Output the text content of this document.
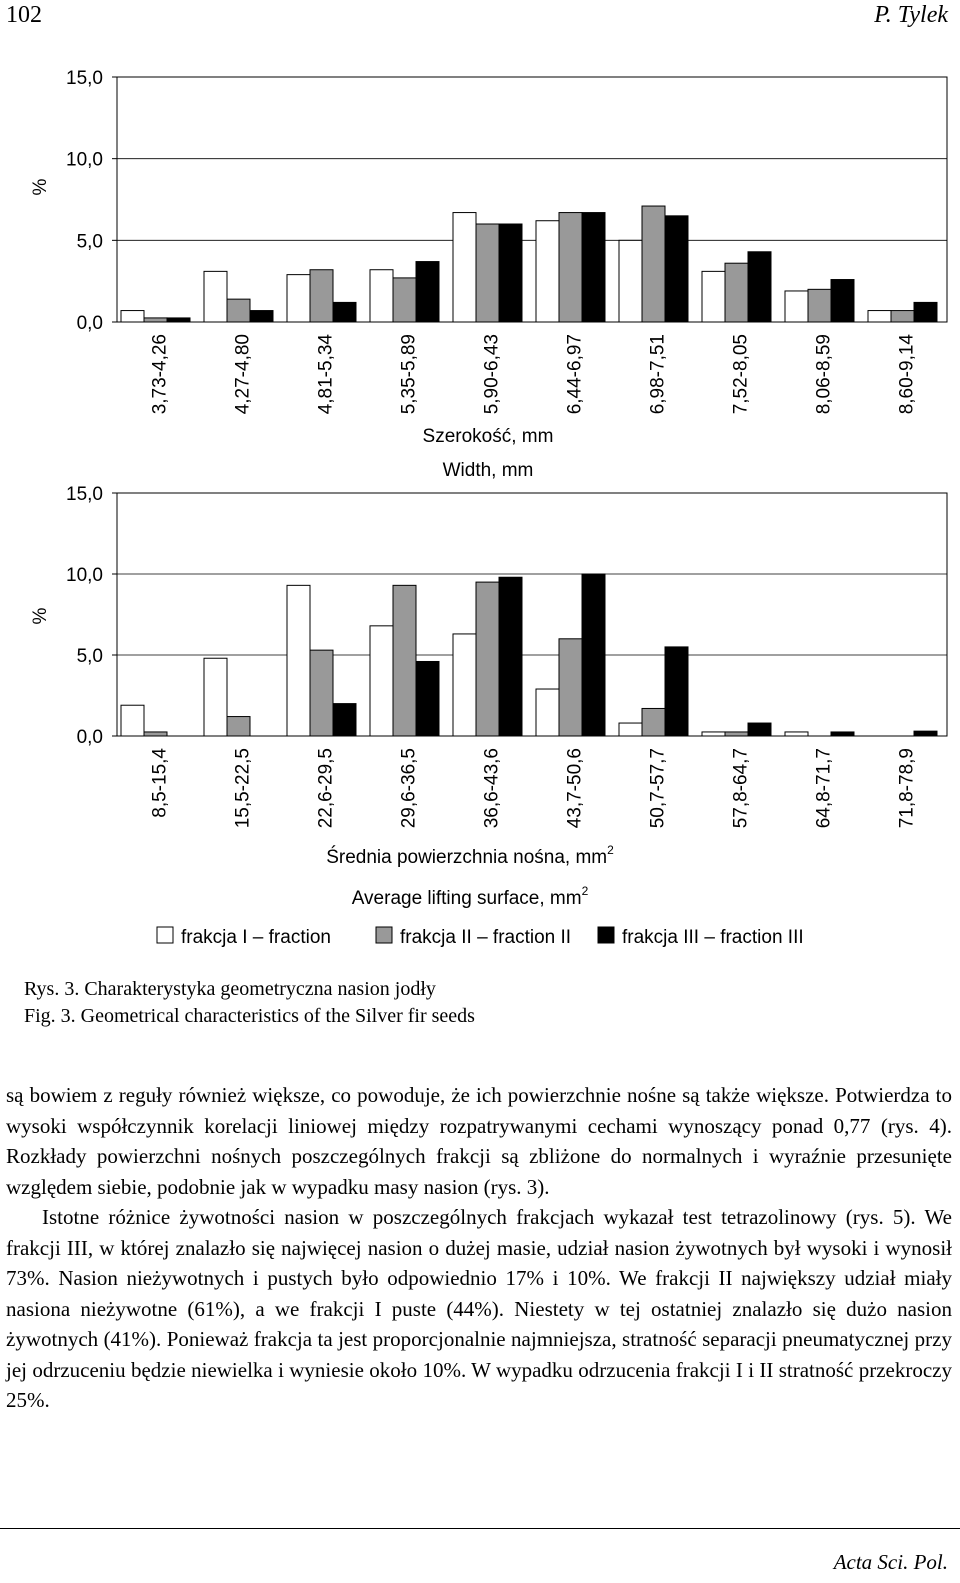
102	P. Tylek
0,0
5,0
10,0
15,0
%
3,73-4,26	4,27-4,80	4,81-5,34	5,35-5,89	5,90-6,43	6,44-6,97	6,98-7,51	7,52-8,05	8,06-8,59	8,60-9,14
Szerokość, mm
Width, mm
0,0
5,0
10,0
15,0
%
8,5-15,4	15,5-22,5	22,6-29,5	29,6-36,5	36,6-43,6	43,7-50,6	50,7-57,7	57,8-64,7	64,8-71,7	71,8-78,9
Średnia powierzchnia nośna, $mm^2$
Average lifting surface, $mm^2$
frakcja I – fraction	frakcja II – fraction II	frakcja III – fraction III
Rys. 3. Charakterystyka geometryczna nasion jodły
Fig. 3. Geometrical characteristics of the Silver fir seeds

są bowiem z reguły również większe, co powoduje, że ich powierzchnie nośne są także większe. Potwierdza to wysoki współczynnik korelacji liniowej między rozpatrywanymi cechami wynoszący ponad 0,77 (rys. 4). Rozkłady powierzchni nośnych poszczególnych frakcji są zbliżone do normalnych i wyraźnie przesunięte względem siebie, podobnie jak w wypadku masy nasion (rys. 3).

Istotne różnice żywotności nasion w poszczególnych frakcjach wykazał test tetrazolinowy (rys. 5). We frakcji III, w której znalazło się najwięcej nasion o dużej masie, udział nasion żywotnych był wysoki i wynosił 73%. Nasion nieżywotnych i pustych było odpowiednio 17% i 10%. We frakcji II największy udział miały nasiona nieżywotne (61%), a we frakcji I puste (44%). Niestety w tej ostatniej znalazło się dużo nasion żywotnych (41%). Ponieważ frakcja ta jest proporcjonalnie najmniejsza, stratność separacji pneumatycznej przy jej odrzuceniu będzie niewielka i wyniesie około 10%. W wypadku odrzucenia frakcji I i II stratność przekroczy 25%.

Acta Sci. Pol.
